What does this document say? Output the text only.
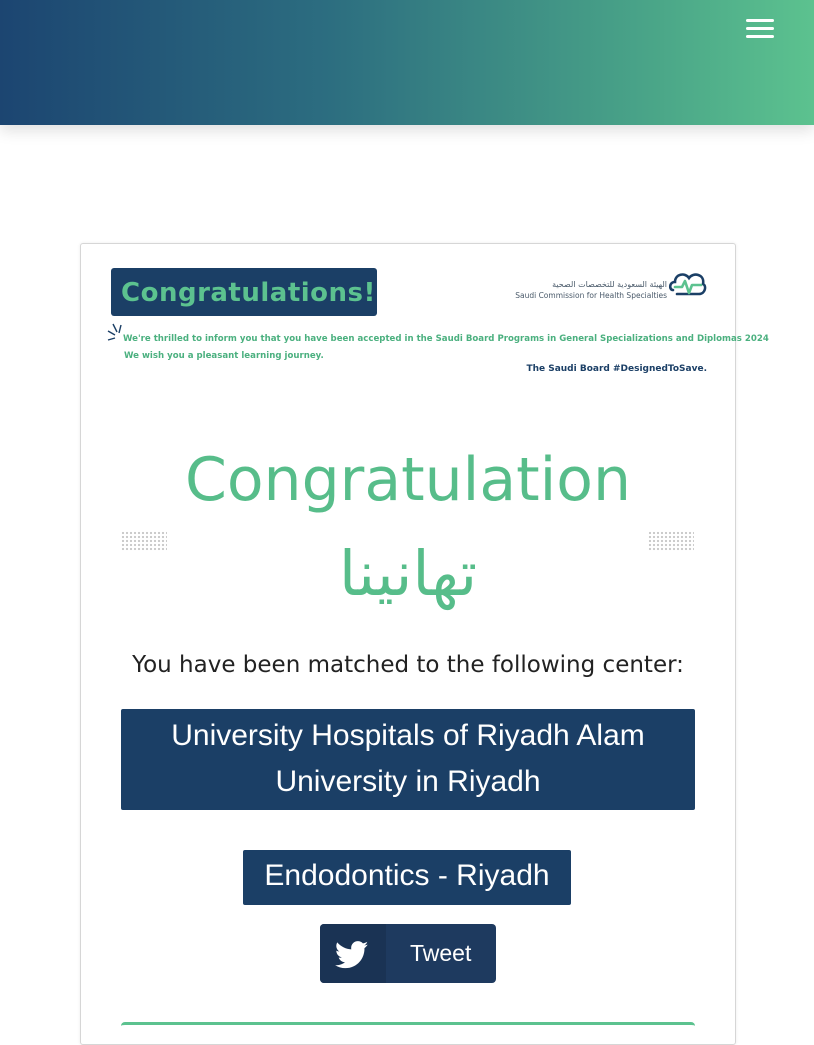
Congratulations!
We're thrilled to inform you that you have been accepted in the Saudi Board Programs in General Specializations and Diplomas 2024
We wish you a pleasant learning journey.
The Saudi Board #DesignedToSave.
الهيئة السعودية للتخصصات الصحية
Saudi Commission for Health Specialties
Congratulation
تهانينا
You have been matched to the following center:
University Hospitals of Riyadh Alam University in Riyadh
Endodontics - Riyadh
Tweet
